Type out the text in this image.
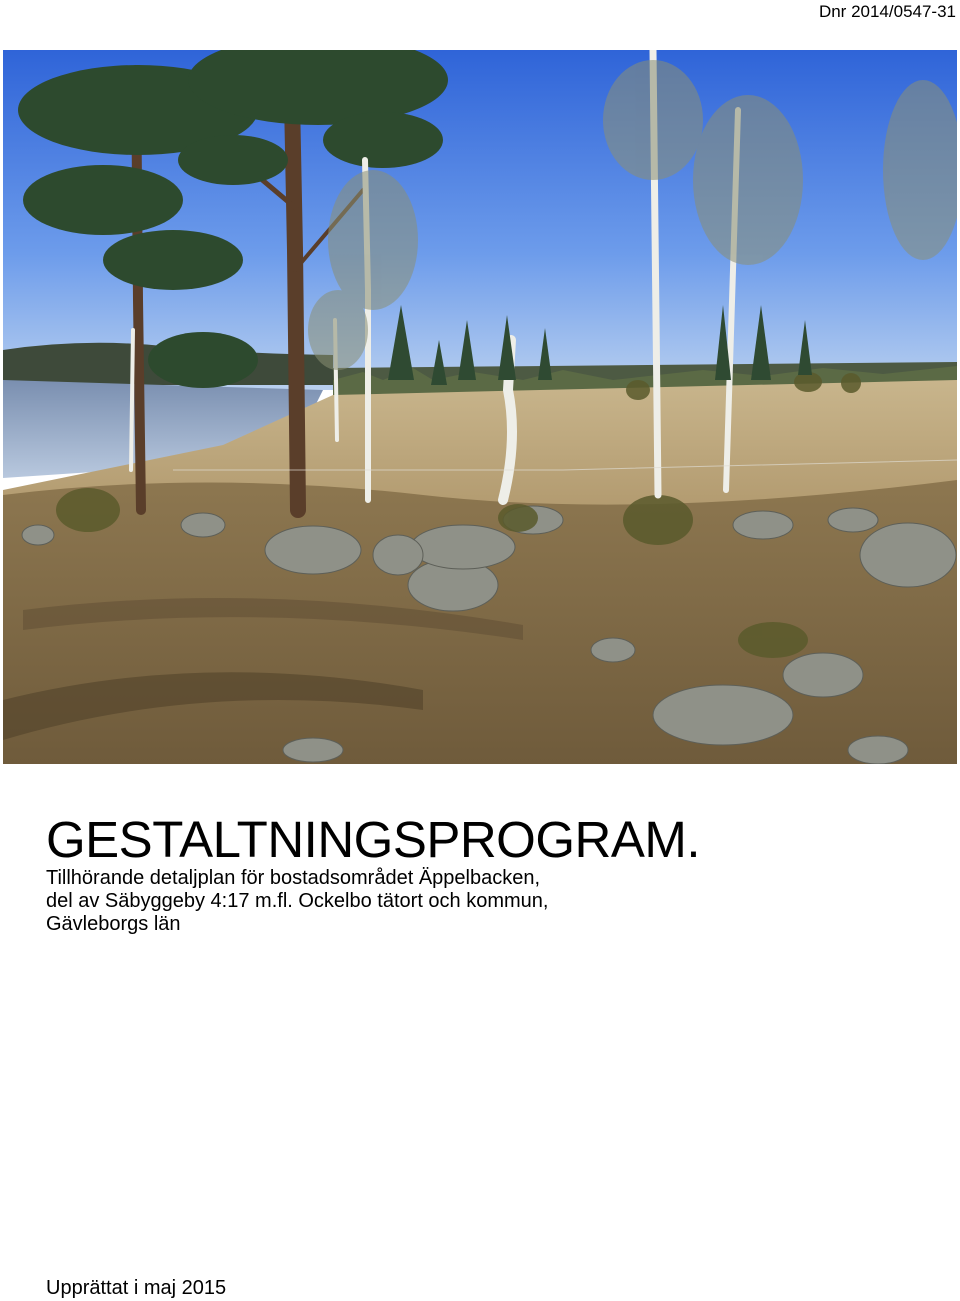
Dnr 2014/0547-31
GESTALTNINGSPROGRAM.
Tillhörande detaljplan för bostadsområdet Äppelbacken,
del av Säbyggeby 4:17 m.fl. Ockelbo tätort och kommun,
Gävleborgs län
Upprättat i maj 2015
